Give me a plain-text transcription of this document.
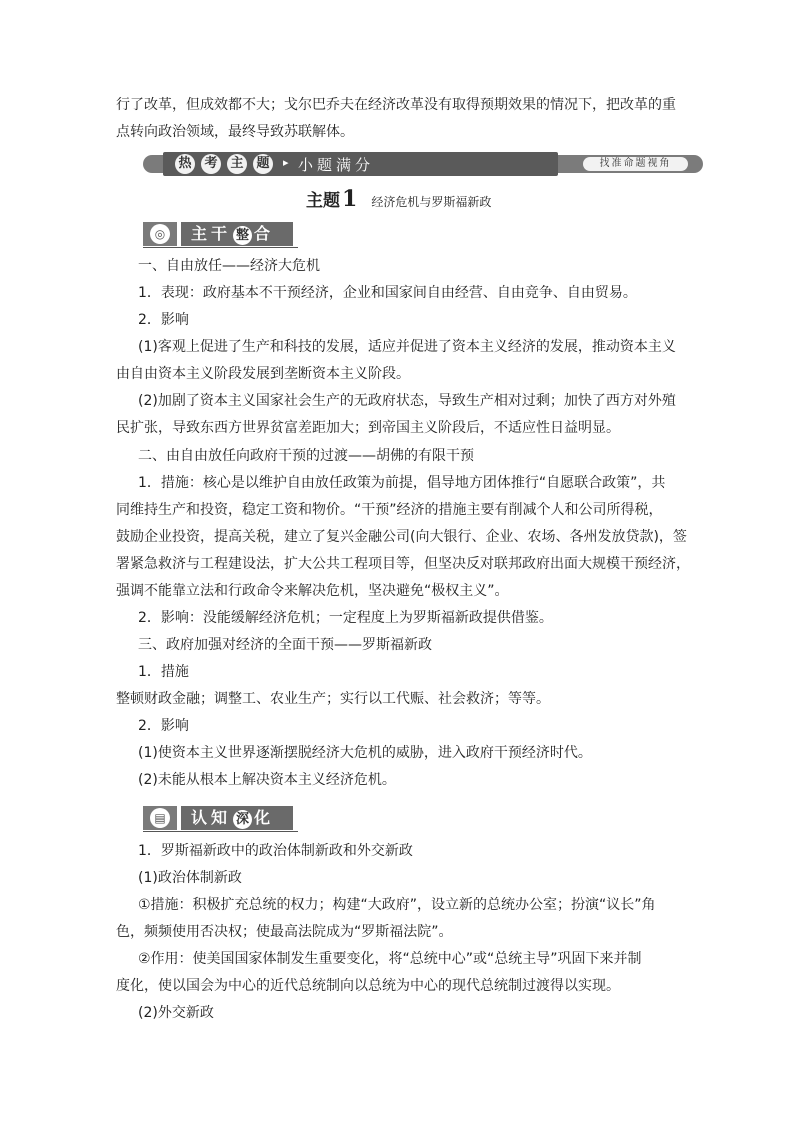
行了改革，但成效都不大；戈尔巴乔夫在经济改革没有取得预期效果的情况下，把改革的重
点转向政治领域，最终导致苏联解体。
热 考 主 题	▸ 小题满分	找准命题视角
主题1 经济危机与罗斯福新政
◎	主干 整 合
一、自由放任——经济大危机
1．表现：政府基本不干预经济，企业和国家间自由经营、自由竞争、自由贸易。
2．影响
(1)客观上促进了生产和科技的发展，适应并促进了资本主义经济的发展，推动资本主义
由自由资本主义阶段发展到垄断资本主义阶段。
(2)加剧了资本主义国家社会生产的无政府状态，导致生产相对过剩；加快了西方对外殖
民扩张，导致东西方世界贫富差距加大；到帝国主义阶段后，不适应性日益明显。
二、由自由放任向政府干预的过渡——胡佛的有限干预
1．措施：核心是以维护自由放任政策为前提，倡导地方团体推行“自愿联合政策”，共
同维持生产和投资，稳定工资和物价。“干预”经济的措施主要有削减个人和公司所得税，
鼓励企业投资，提高关税，建立了复兴金融公司(向大银行、企业、农场、各州发放贷款)，签
署紧急救济与工程建设法，扩大公共工程项目等，但坚决反对联邦政府出面大规模干预经济，
强调不能靠立法和行政命令来解决危机，坚决避免“极权主义”。
2．影响：没能缓解经济危机；一定程度上为罗斯福新政提供借鉴。
三、政府加强对经济的全面干预——罗斯福新政
1．措施
整顿财政金融；调整工、农业生产；实行以工代赈、社会救济；等等。
2．影响
(1)使资本主义世界逐渐摆脱经济大危机的威胁，进入政府干预经济时代。
(2)未能从根本上解决资本主义经济危机。
▤	认知 深 化
1．罗斯福新政中的政治体制新政和外交新政
(1)政治体制新政
①措施：积极扩充总统的权力；构建“大政府”，设立新的总统办公室；扮演“议长”角
色，频频使用否决权；使最高法院成为“罗斯福法院”。
②作用：使美国国家体制发生重要变化，将“总统中心”或“总统主导”巩固下来并制
度化，使以国会为中心的近代总统制向以总统为中心的现代总统制过渡得以实现。
(2)外交新政
